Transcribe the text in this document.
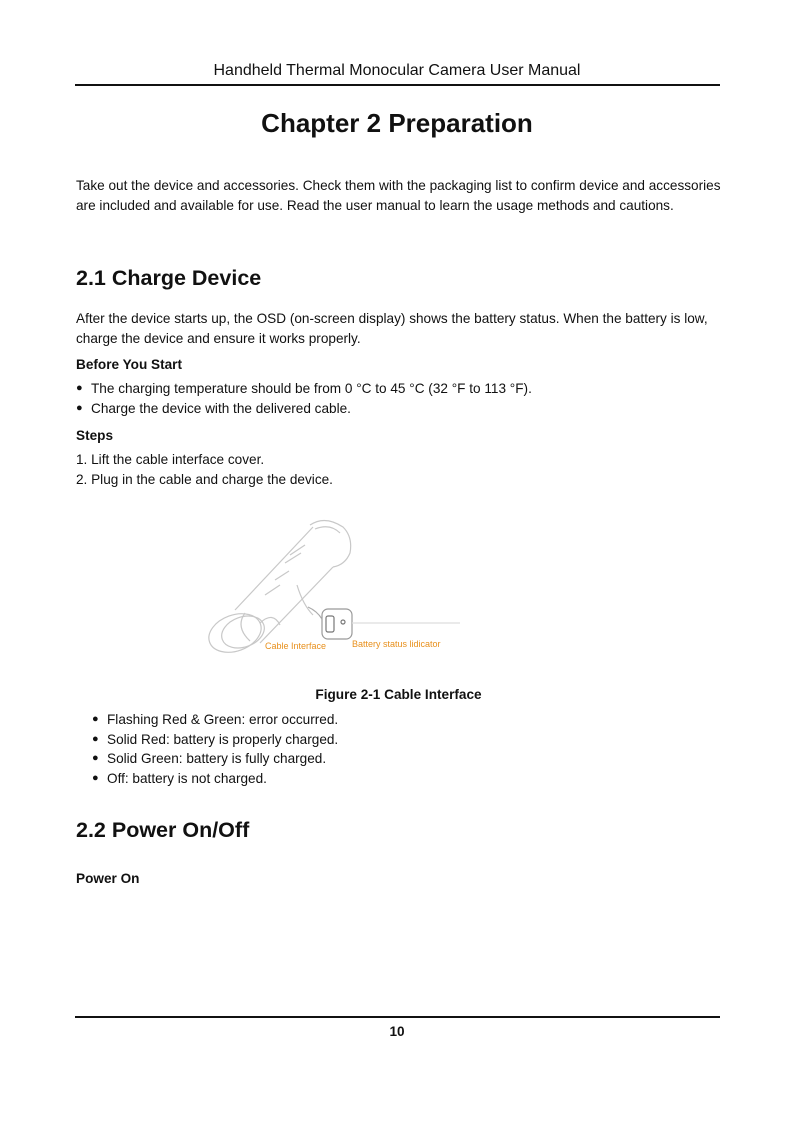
Handheld Thermal Monocular Camera User Manual
Chapter 2 Preparation
Take out the device and accessories. Check them with the packaging list to confirm device and accessories are included and available for use. Read the user manual to learn the usage methods and cautions.
2.1 Charge Device
After the device starts up, the OSD (on-screen display) shows the battery status. When the battery is low, charge the device and ensure it works properly.
Before You Start
● The charging temperature should be from 0 °C to 45 °C (32 °F to 113 °F).
● Charge the device with the delivered cable.
Steps
1. Lift the cable interface cover.
2. Plug in the cable and charge the device.
Cable Interface	Battery status lidicator
Figure 2-1 Cable Interface
● Flashing Red & Green: error occurred.
● Solid Red: battery is properly charged.
● Solid Green: battery is fully charged.
● Off: battery is not charged.
2.2 Power On/Off
Power On
10
